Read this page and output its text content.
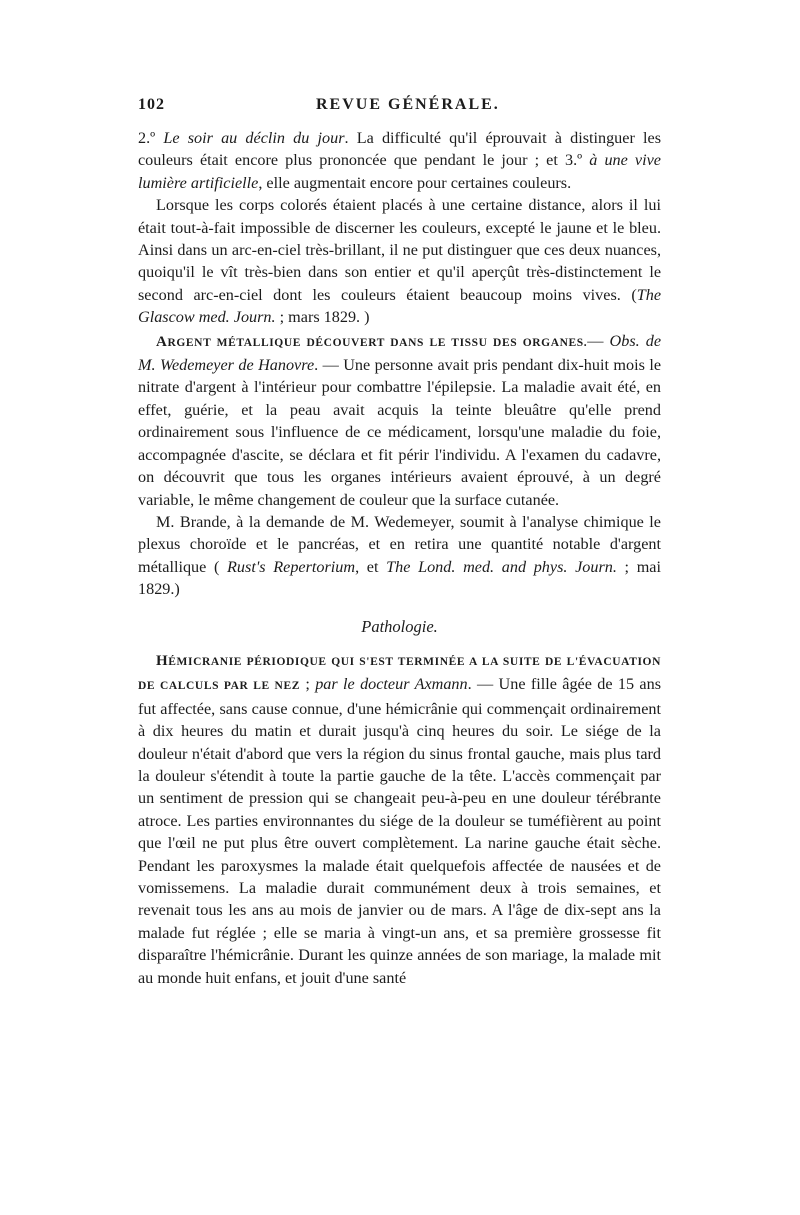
102	REVUE GÉNÉRALE.

2.º Le soir au déclin du jour. La difficulté qu'il éprouvait à distinguer les couleurs était encore plus prononcée que pendant le jour ; et 3.º à une vive lumière artificielle, elle augmentait encore pour certaines couleurs.

Lorsque les corps colorés étaient placés à une certaine distance, alors il lui était tout-à-fait impossible de discerner les couleurs, excepté le jaune et le bleu. Ainsi dans un arc-en-ciel très-brillant, il ne put distinguer que ces deux nuances, quoiqu'il le vît très-bien dans son entier et qu'il aperçût très-distinctement le second arc-en-ciel dont les couleurs étaient beaucoup moins vives. (The Glascow med. Journ. ; mars 1829. )

ARGENT MÉTALLIQUE DÉCOUVERT DANS LE TISSU DES ORGANES.— Obs. de M. Wedemeyer de Hanovre. — Une personne avait pris pendant dix-huit mois le nitrate d'argent à l'intérieur pour combattre l'épilepsie. La maladie avait été, en effet, guérie, et la peau avait acquis la teinte bleuâtre qu'elle prend ordinairement sous l'influence de ce médicament, lorsqu'une maladie du foie, accompagnée d'ascite, se déclara et fit périr l'individu. A l'examen du cadavre, on découvrit que tous les organes intérieurs avaient éprouvé, à un degré variable, le même changement de couleur que la surface cutanée.

M. Brande, à la demande de M. Wedemeyer, soumit à l'analyse chimique le plexus choroïde et le pancréas, et en retira une quantité notable d'argent métallique ( Rust's Repertorium, et The Lond. med. and phys. Journ. ; mai 1829.)

Pathologie.

HÉMICRANIE PÉRIODIQUE QUI S'EST TERMINÉE A LA SUITE DE L'ÉVACUATION DE CALCULS PAR LE NEZ ; par le docteur Axmann. — Une fille âgée de 15 ans fut affectée, sans cause connue, d'une hémicrânie qui commençait ordinairement à dix heures du matin et durait jusqu'à cinq heures du soir. Le siége de la douleur n'était d'abord que vers la région du sinus frontal gauche, mais plus tard la douleur s'étendit à toute la partie gauche de la tête. L'accès commençait par un sentiment de pression qui se changeait peu-à-peu en une douleur térébrante atroce. Les parties environnantes du siége de la douleur se tuméfièrent au point que l'œil ne put plus être ouvert complètement. La narine gauche était sèche. Pendant les paroxysmes la malade était quelquefois affectée de nausées et de vomissemens. La maladie durait communément deux à trois semaines, et revenait tous les ans au mois de janvier ou de mars. A l'âge de dix-sept ans la malade fut réglée ; elle se maria à vingt-un ans, et sa première grossesse fit disparaître l'hémicrânie. Durant les quinze années de son mariage, la malade mit au monde huit enfans, et jouit d'une santé
